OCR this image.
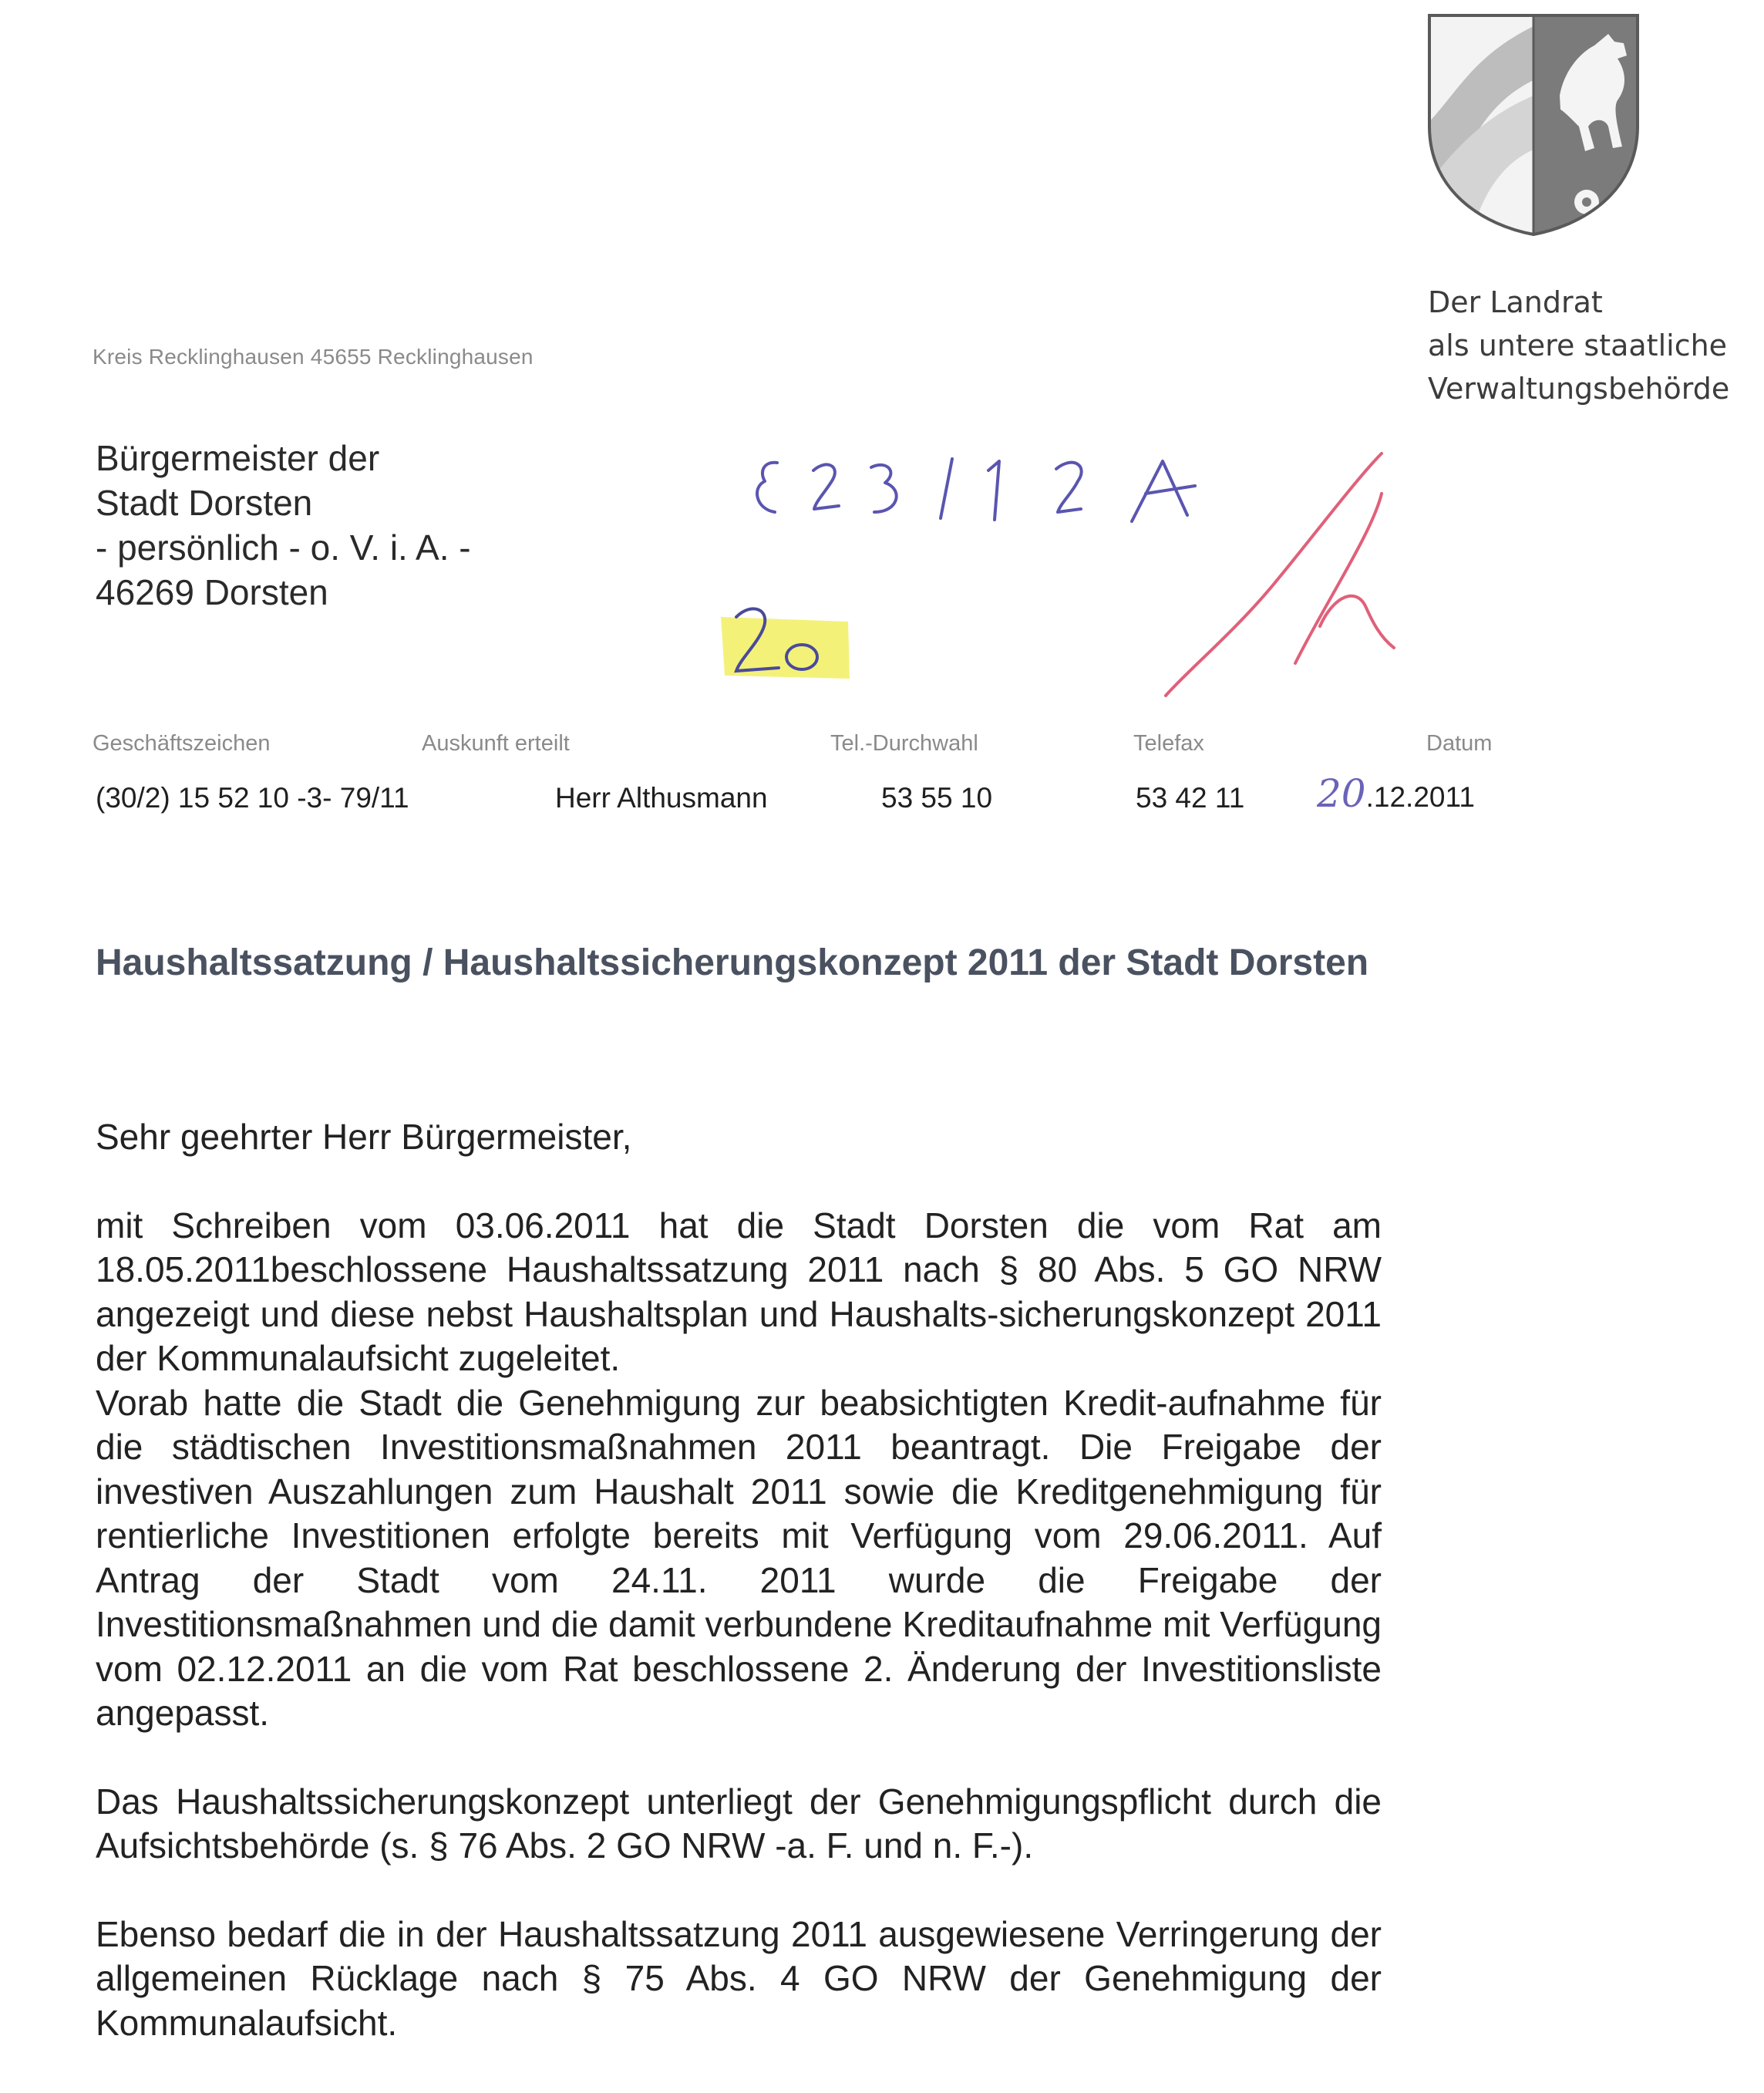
Der Landrat
als untere staatliche
Verwaltungsbehörde
Kreis Recklinghausen 45655 Recklinghausen
Bürgermeister der
Stadt Dorsten
- persönlich - o. V. i. A. -
46269 Dorsten
Geschäftszeichen	Auskunft erteilt	Tel.-Durchwahl	Telefax	Datum
(30/2) 15 52 10 -3- 79/11	Herr Althusmann	53 55 10	53 42 11 20.12.2011
Haushaltssatzung / Haushaltssicherungskonzept 2011 der Stadt Dorsten

Sehr geehrter Herr Bürgermeister,

mit Schreiben vom 03.06.2011 hat die Stadt Dorsten die vom Rat am 18.05.2011beschlossene Haushaltssatzung 2011 nach § 80 Abs. 5 GO NRW angezeigt und diese nebst Haushaltsplan und Haushalts-sicherungskonzept 2011 der Kommunalaufsicht zugeleitet.

Vorab hatte die Stadt die Genehmigung zur beabsichtigten Kredit-aufnahme für die städtischen Investitionsmaßnahmen 2011 beantragt. Die Freigabe der investiven Auszahlungen zum Haushalt 2011 sowie die Kreditgenehmigung für rentierliche Investitionen erfolgte bereits mit Verfügung vom 29.06.2011. Auf Antrag der Stadt vom 24.11. 2011 wurde die Freigabe der Investitionsmaßnahmen und die damit verbundene Kreditaufnahme mit Verfügung vom 02.12.2011 an die vom Rat beschlossene 2. Änderung der Investitionsliste angepasst.

Das Haushaltssicherungskonzept unterliegt der Genehmigungspflicht durch die Aufsichtsbehörde (s. § 76 Abs. 2 GO NRW -a. F. und n. F.-).

Ebenso bedarf die in der Haushaltssatzung 2011 ausgewiesene Verringerung der allgemeinen Rücklage nach § 75 Abs. 4 GO NRW der Genehmigung der Kommunalaufsicht.
